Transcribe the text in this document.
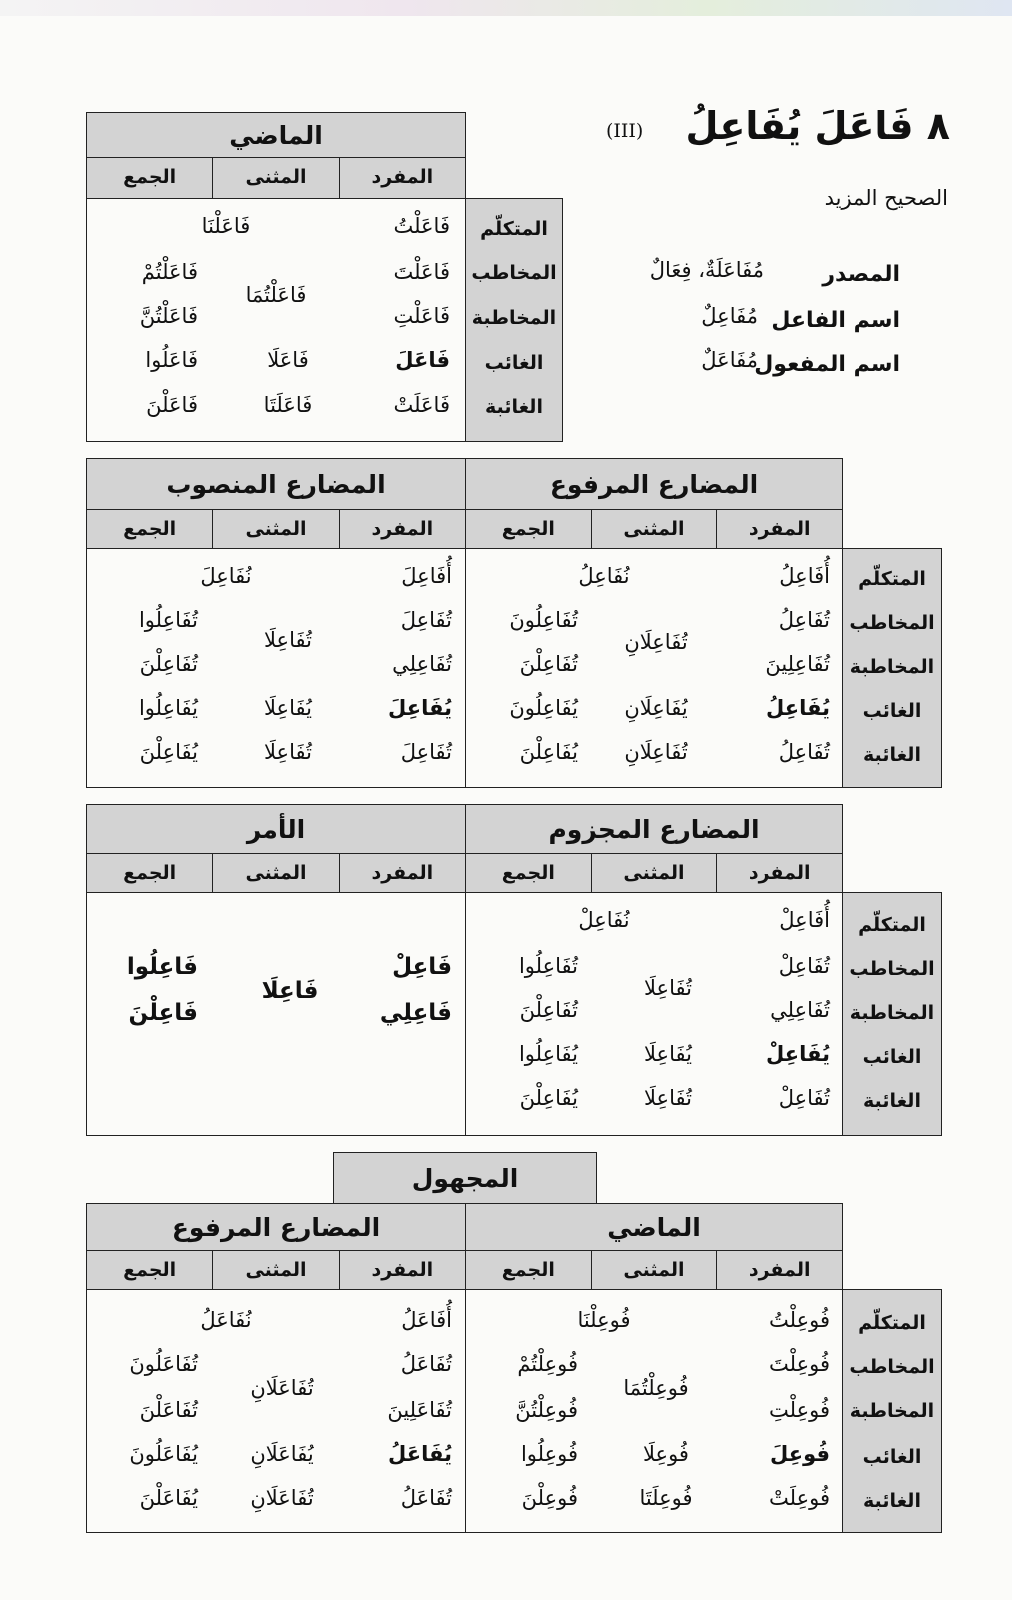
٨ فَاعَلَ يُفَاعِلُ
(III)
الصحيح المزيد
المصدر
مُفَاعَلَةٌ، فِعَالٌ
اسم الفاعل
مُفَاعِلٌ
اسم المفعول
مُفَاعَلٌ
الماضي
المفرد
المثنى
الجمع
المتكلّم
المخاطب
المخاطبة
الغائب
الغائبة
فَاعَلْتُ
فَاعَلْنَا
فَاعَلْتَ
فَاعَلْتُمْ
فَاعَلْتُمَا
فَاعَلْتِ
فَاعَلْتُنَّ
فَاعَلَ
فَاعَلَا
فَاعَلُوا
فَاعَلَتْ
فَاعَلَتَا
فَاعَلْنَ
المضارع المرفوع
المضارع المنصوب
المفرد
المثنى
الجمع
المفرد
المثنى
الجمع
المتكلّم
المخاطب
المخاطبة
الغائب
الغائبة
أُفَاعِلُ
نُفَاعِلُ
تُفَاعِلُ
تُفَاعِلُونَ
تُفَاعِلَانِ
تُفَاعِلِينَ
تُفَاعِلْنَ
يُفَاعِلُ
يُفَاعِلَانِ
يُفَاعِلُونَ
تُفَاعِلُ
تُفَاعِلَانِ
يُفَاعِلْنَ
أُفَاعِلَ
نُفَاعِلَ
تُفَاعِلَ
تُفَاعِلُوا
تُفَاعِلَا
تُفَاعِلِي
تُفَاعِلْنَ
يُفَاعِلَ
يُفَاعِلَا
يُفَاعِلُوا
تُفَاعِلَ
تُفَاعِلَا
يُفَاعِلْنَ
المضارع المجزوم
الأمر
المفرد
المثنى
الجمع
المفرد
المثنى
الجمع
المتكلّم
المخاطب
المخاطبة
الغائب
الغائبة
أُفَاعِلْ
نُفَاعِلْ
تُفَاعِلْ
تُفَاعِلُوا
تُفَاعِلَا
تُفَاعِلِي
تُفَاعِلْنَ
يُفَاعِلْ
يُفَاعِلَا
يُفَاعِلُوا
تُفَاعِلْ
تُفَاعِلَا
يُفَاعِلْنَ
فَاعِلْ
فَاعِلُوا
فَاعِلَا
فَاعِلِي
فَاعِلْنَ
المجهول
الماضي
المضارع المرفوع
المفرد
المثنى
الجمع
المفرد
المثنى
الجمع
المتكلّم
المخاطب
المخاطبة
الغائب
الغائبة
فُوعِلْتُ
فُوعِلْنَا
فُوعِلْتَ
فُوعِلْتُمْ
فُوعِلْتُمَا
فُوعِلْتِ
فُوعِلْتُنَّ
فُوعِلَ
فُوعِلَا
فُوعِلُوا
فُوعِلَتْ
فُوعِلَتَا
فُوعِلْنَ
أُفَاعَلُ
نُفَاعَلُ
تُفَاعَلُ
تُفَاعَلُونَ
تُفَاعَلَانِ
تُفَاعَلِينَ
تُفَاعَلْنَ
يُفَاعَلُ
يُفَاعَلَانِ
يُفَاعَلُونَ
تُفَاعَلُ
تُفَاعَلَانِ
يُفَاعَلْنَ
